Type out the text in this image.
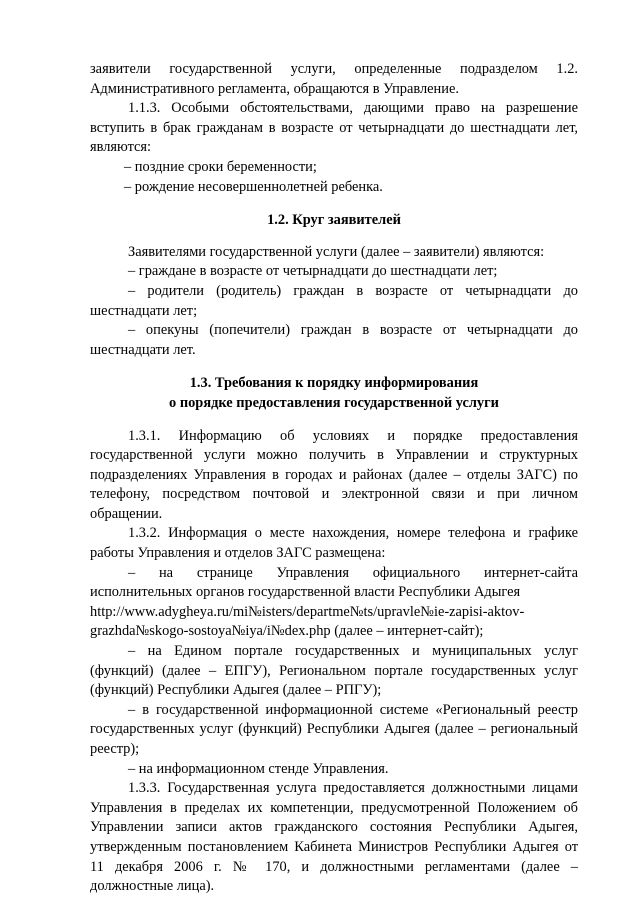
заявители государственной услуги, определенные подразделом 1.2. Административного регламента, обращаются в Управление.

1.1.3. Особыми обстоятельствами, дающими право на разрешение вступить в брак гражданам в возрасте от четырнадцати до шестнадцати лет, являются:

– поздние сроки беременности;

– рождение несовершеннолетней ребенка.

1.2. Круг заявителей

Заявителями государственной услуги (далее – заявители) являются:

– граждане в возрасте от четырнадцати до шестнадцати лет;

– родители (родитель) граждан в возрасте от четырнадцати до шестнадцати лет;

– опекуны (попечители) граждан в возрасте от четырнадцати до шестнадцати лет.

1.3. Требования к порядку информирования

о порядке предоставления государственной услуги

1.3.1. Информацию об условиях и порядке предоставления государственной услуги можно получить в Управлении и структурных подразделениях Управления в городах и районах (далее – отделы ЗАГС) по телефону, посредством почтовой и электронной связи и при личном обращении.

1.3.2. Информация о месте нахождения, номере телефона и графике работы Управления и отделов ЗАГС размещена:

– на странице Управления официального интернет-сайта исполнительных органов государственной власти Республики Адыгея

http://www.adygheya.ru/mi№isters/departme№ts/upravle№ie-zapisi-aktov-grazhda№skogo-sostoya№iya/i№dex.php (далее – интернет-сайт);

– на Едином портале государственных и муниципальных услуг (функций) (далее – ЕПГУ), Региональном портале государственных услуг (функций) Республики Адыгея (далее – РПГУ);

– в государственной информационной системе «Региональный реестр государственных услуг (функций) Республики Адыгея (далее – региональный реестр);

– на информационном стенде Управления.

1.3.3. Государственная услуга предоставляется должностными лицами Управления в пределах их компетенции, предусмотренной Положением об Управлении записи актов гражданского состояния Республики Адыгея, утвержденным постановлением Кабинета Министров Республики Адыгея от 11 декабря 2006 г. № 170, и должностными регламентами (далее – должностные лица).
